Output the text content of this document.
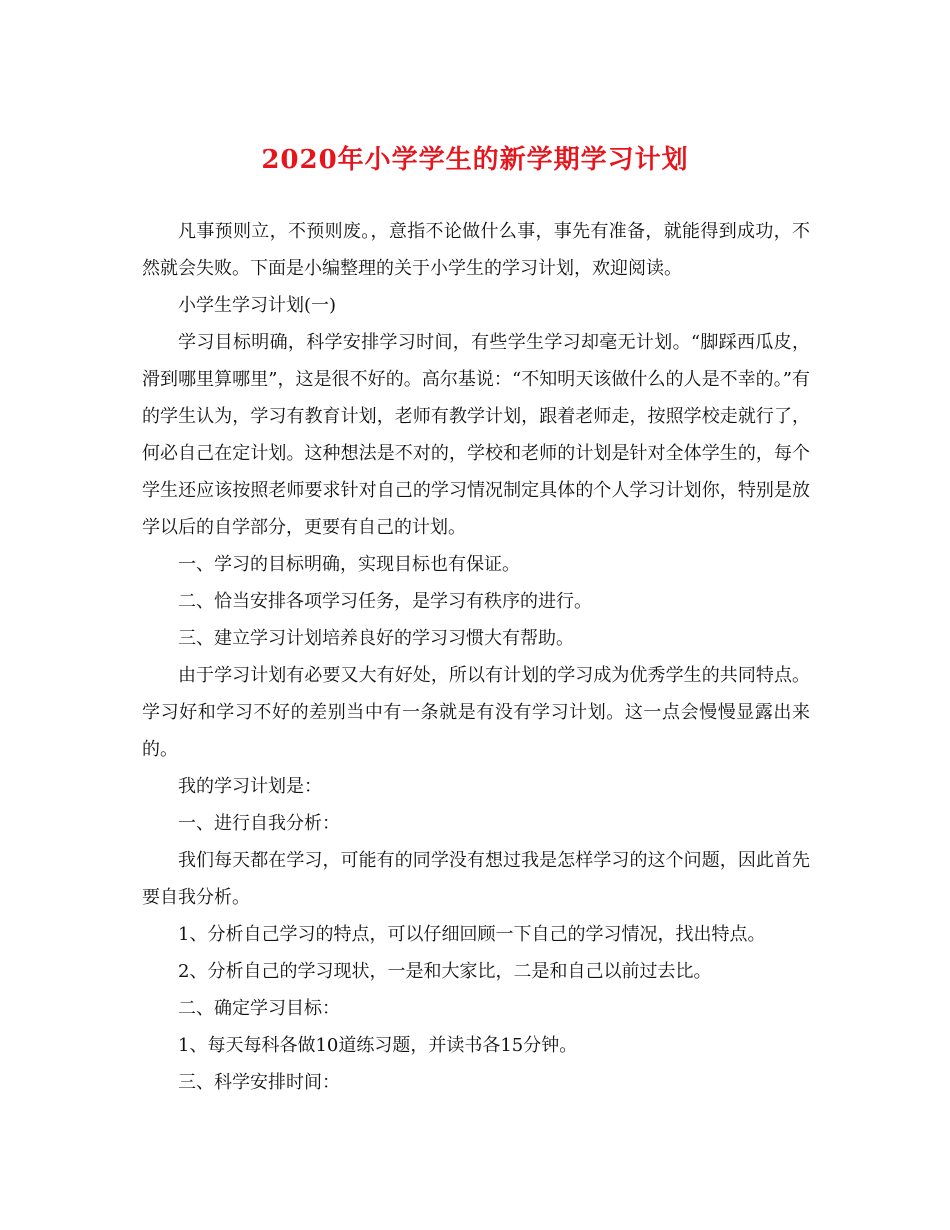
2020年小学学生的新学期学习计划

凡事预则立，不预则废。，意指不论做什么事，事先有准备，就能得到成功，不然就会失败。下面是小编整理的关于小学生的学习计划，欢迎阅读。

小学生学习计划(一)

学习目标明确，科学安排学习时间，有些学生学习却毫无计划。“脚踩西瓜皮，滑到哪里算哪里”，这是很不好的。高尔基说：“不知明天该做什么的人是不幸的。”有的学生认为，学习有教育计划，老师有教学计划，跟着老师走，按照学校走就行了，何必自己在定计划。这种想法是不对的，学校和老师的计划是针对全体学生的，每个学生还应该按照老师要求针对自己的学习情况制定具体的个人学习计划你，特别是放学以后的自学部分，更要有自己的计划。

一、学习的目标明确，实现目标也有保证。

二、恰当安排各项学习任务，是学习有秩序的进行。

三、建立学习计划培养良好的学习习惯大有帮助。

由于学习计划有必要又大有好处，所以有计划的学习成为优秀学生的共同特点。学习好和学习不好的差别当中有一条就是有没有学习计划。这一点会慢慢显露出来的。

我的学习计划是：

一、进行自我分析：

我们每天都在学习，可能有的同学没有想过我是怎样学习的这个问题，因此首先要自我分析。

1、分析自己学习的特点，可以仔细回顾一下自己的学习情况，找出特点。

2、分析自己的学习现状，一是和大家比，二是和自己以前过去比。

二、确定学习目标：

1、每天每科各做10道练习题，并读书各15分钟。

三、科学安排时间：
